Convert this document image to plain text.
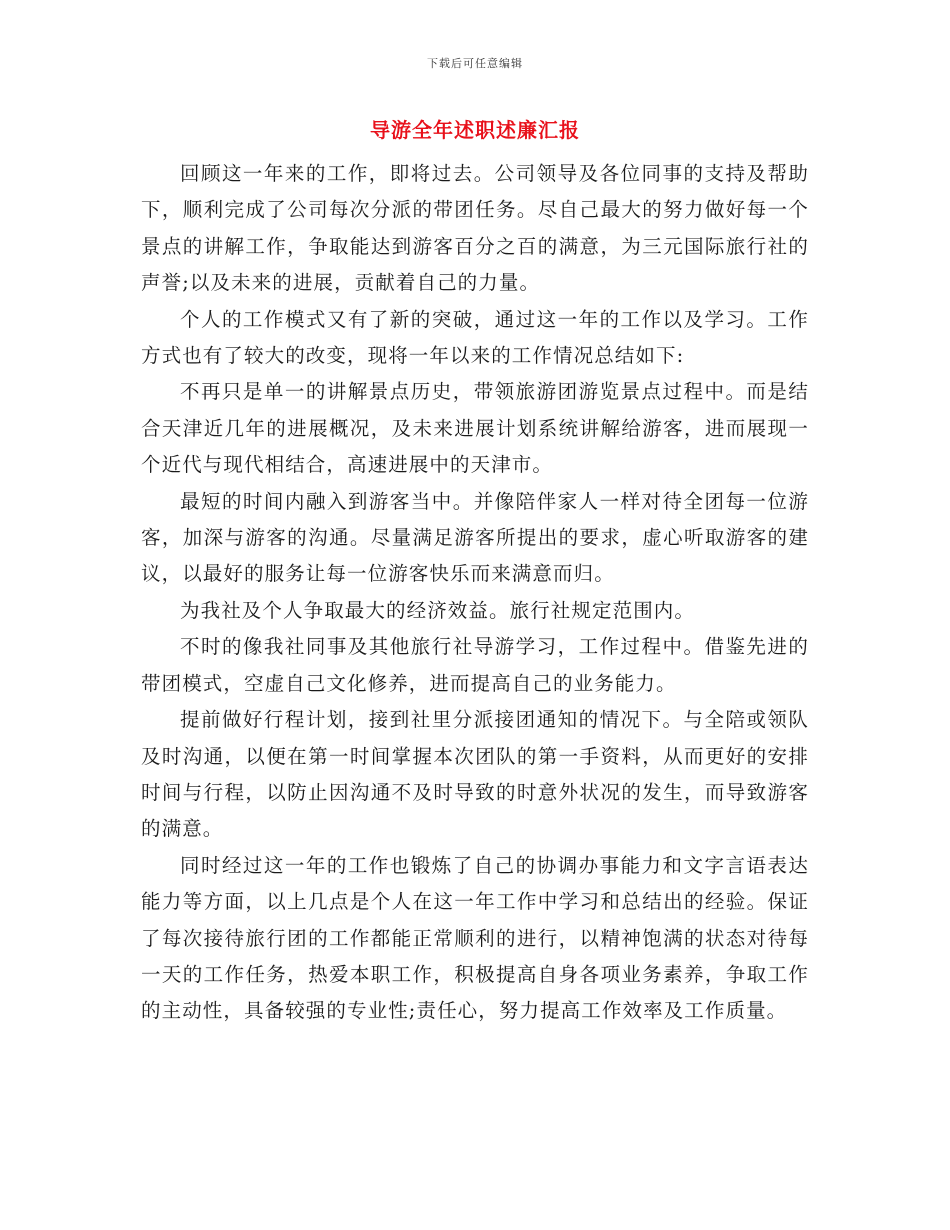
下载后可任意编辑
导游全年述职述廉汇报

回顾这一年来的工作，即将过去。公司领导及各位同事的支持及帮助下，顺利完成了公司每次分派的带团任务。尽自己最大的努力做好每一个景点的讲解工作，争取能达到游客百分之百的满意，为三元国际旅行社的声誉;以及未来的进展，贡献着自己的力量。

个人的工作模式又有了新的突破，通过这一年的工作以及学习。工作方式也有了较大的改变，现将一年以来的工作情况总结如下:

不再只是单一的讲解景点历史，带领旅游团游览景点过程中。而是结合天津近几年的进展概况，及未来进展计划系统讲解给游客，进而展现一个近代与现代相结合，高速进展中的天津市。

最短的时间内融入到游客当中。并像陪伴家人一样对待全团每一位游客，加深与游客的沟通。尽量满足游客所提出的要求，虚心听取游客的建议，以最好的服务让每一位游客快乐而来满意而归。

为我社及个人争取最大的经济效益。旅行社规定范围内。

不时的像我社同事及其他旅行社导游学习，工作过程中。借鉴先进的带团模式，空虚自己文化修养，进而提高自己的业务能力。

提前做好行程计划，接到社里分派接团通知的情况下。与全陪或领队及时沟通，以便在第一时间掌握本次团队的第一手资料，从而更好的安排时间与行程，以防止因沟通不及时导致的时意外状况的发生，而导致游客的满意。

同时经过这一年的工作也锻炼了自己的协调办事能力和文字言语表达能力等方面，以上几点是个人在这一年工作中学习和总结出的经验。保证了每次接待旅行团的工作都能正常顺利的进行，以精神饱满的状态对待每一天的工作任务，热爱本职工作，积极提高自身各项业务素养，争取工作的主动性，具备较强的专业性;责任心，努力提高工作效率及工作质量。
